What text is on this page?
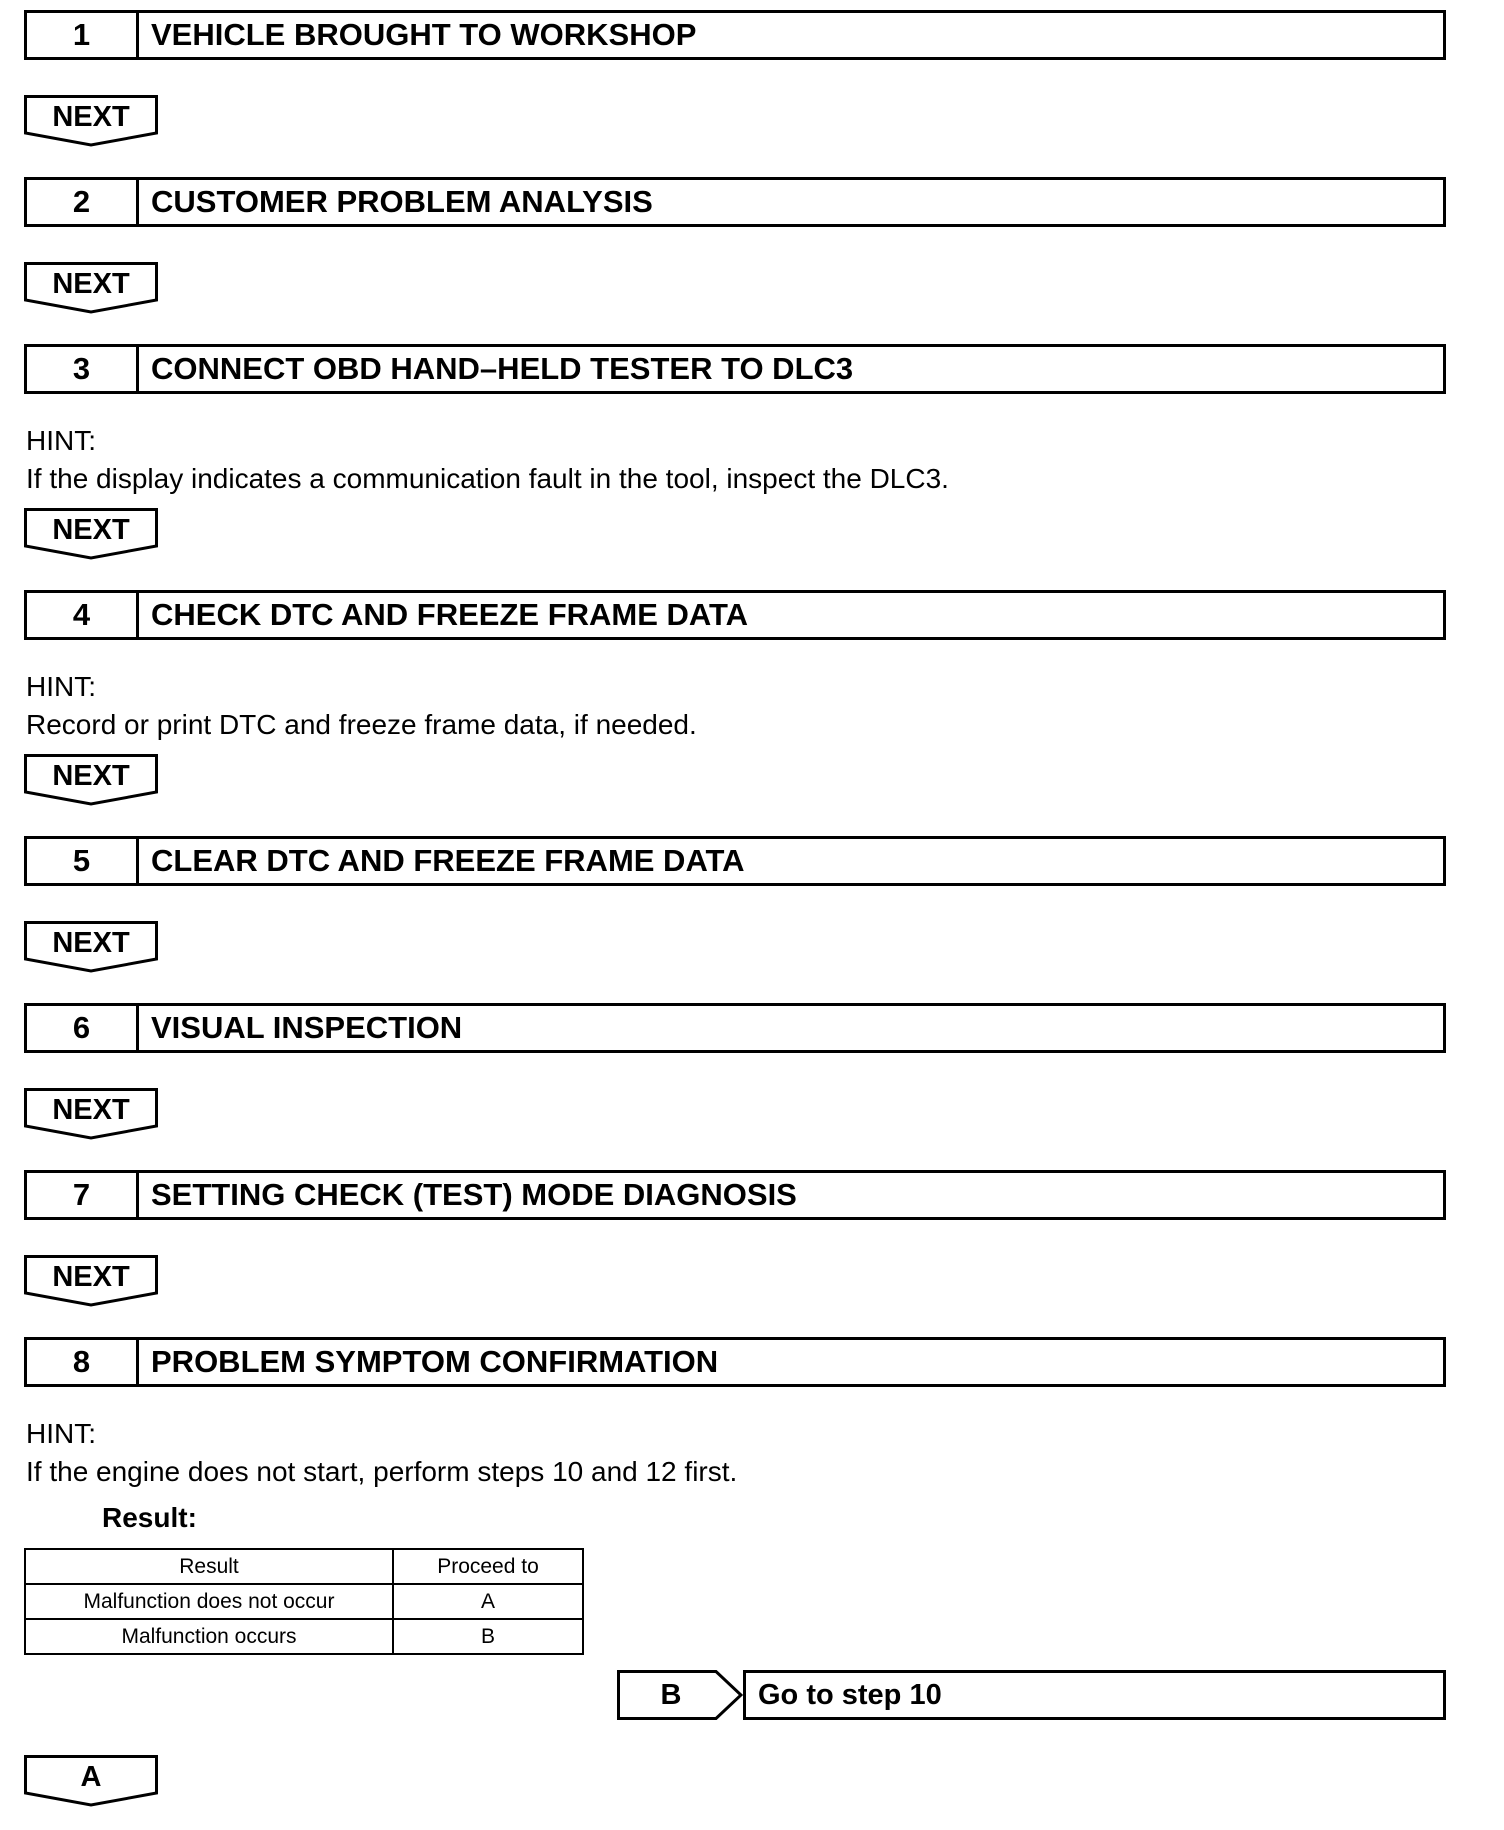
1	VEHICLE BROUGHT TO WORKSHOP
NEXT
2	CUSTOMER PROBLEM ANALYSIS
NEXT
3	CONNECT OBD HAND–HELD TESTER TO DLC3
HINT:
If the display indicates a communication fault in the tool, inspect the DLC3.
NEXT
4	CHECK DTC AND FREEZE FRAME DATA
HINT:
Record or print DTC and freeze frame data, if needed.
NEXT
5	CLEAR DTC AND FREEZE FRAME DATA
NEXT
6	VISUAL INSPECTION
NEXT
7	SETTING CHECK (TEST) MODE DIAGNOSIS
NEXT
8	PROBLEM SYMPTOM CONFIRMATION
HINT:
If the engine does not start, perform steps 10 and 12 first.
Result:
Result	Proceed to
Malfunction does not occur	A
Malfunction occurs	B
B	Go to step 10
A
